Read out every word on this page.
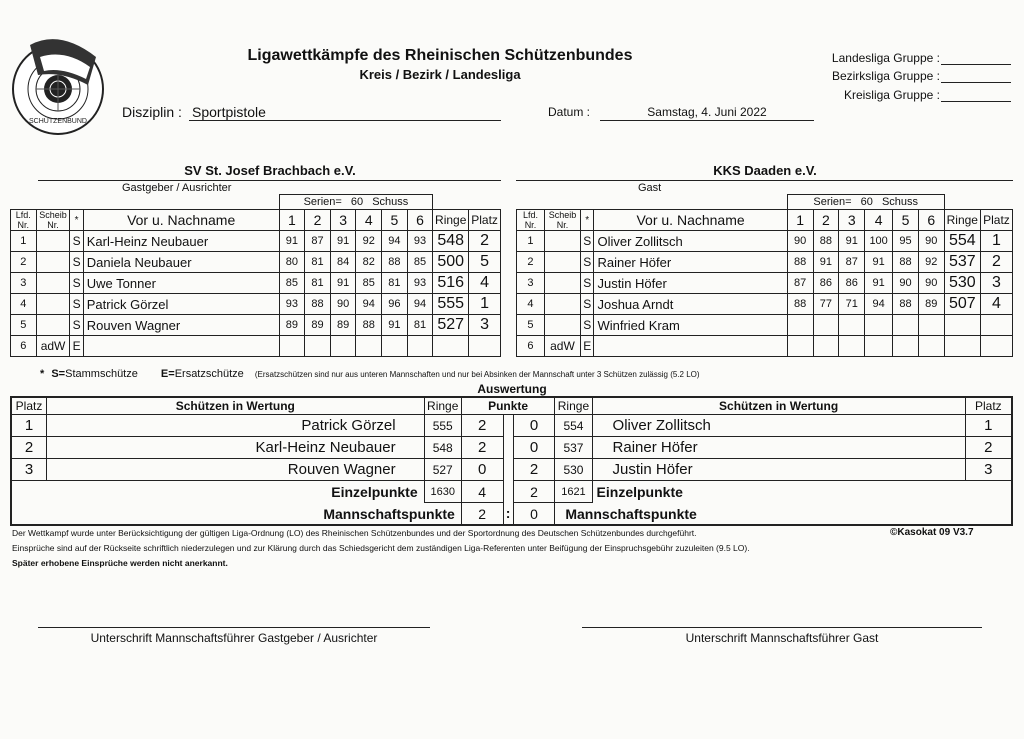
SCHÜTZENBUND
Ligawettkämpfe des Rheinischen Schützenbundes
Kreis / Bezirk / Landesliga
Landesliga Gruppe :
Bezirksliga Gruppe :
Kreisliga Gruppe :
Disziplin : Sportpistole	Datum :	Samstag, 4. Juni 2022
SV St. Josef Brachbach e.V.
Gastgeber / Ausrichter
				Serien= 60 Schuss							
Lfd. Nr.	Scheib Nr.	*	Vor u. Nachname	1	2	3	4	5	6	Ringe	Platz
1		S	Karl-Heinz Neubauer	91	87	91	92	94	93	548	2
2		S	Daniela Neubauer	80	81	84	82	88	85	500	5
3		S	Uwe Tonner	85	81	91	85	81	93	516	4
4		S	Patrick Görzel	93	88	90	94	96	94	555	1
5		S	Rouven Wagner	89	89	89	88	91	81	527	3
6	adW	E									
KKS Daaden e.V.
Gast
				Serien= 60 Schuss							
Lfd. Nr.	Scheib Nr.	*	Vor u. Nachname	1	2	3	4	5	6	Ringe	Platz
1		S	Oliver Zollitsch	90	88	91	100	95	90	554	1
2		S	Rainer Höfer	88	91	87	91	88	92	537	2
3		S	Justin Höfer	87	86	86	91	90	90	530	3
4		S	Joshua Arndt	88	77	71	94	88	89	507	4
5		S	Winfried Kram								
6	adW	E									
* S=Stammschütze E=Ersatzschütze (Ersatzschützen sind nur aus unteren Mannschaften und nur bei Absinken der Mannschaft unter 3 Schützen zulässig (5.2 LO)
Auswertung
Platz	Schützen in Wertung	Ringe	Punkte			Ringe	Schützen in Wertung	Platz
1	Patrick Görzel	555	2		0	554	Oliver Zollitsch	1
2	Karl-Heinz Neubauer	548	2		0	537	Rainer Höfer	2
3	Rouven Wagner	527	0		2	530	Justin Höfer	3
	Einzelpunkte	1630	4		2	1621	Einzelpunkte	
	Mannschaftspunkte		2	:	0	Mannschaftspunkte		
Der Wettkampf wurde unter Berücksichtigung der gültigen Liga-Ordnung (LO) des Rheinischen Schützenbundes und der Sportordnung des Deutschen Schützenbundes durchgeführt.	©Kasokat 09 V3.7
Einsprüche sind auf der Rückseite schriftlich niederzulegen und zur Klärung durch das Schiedsgericht dem zuständigen Liga-Referenten unter Beifügung der Einspruchsgebühr zuzuleiten (9.5 LO).
Später erhobene Einsprüche werden nicht anerkannt.
Unterschrift Mannschaftsführer Gastgeber / Ausrichter	Unterschrift Mannschaftsführer Gast
